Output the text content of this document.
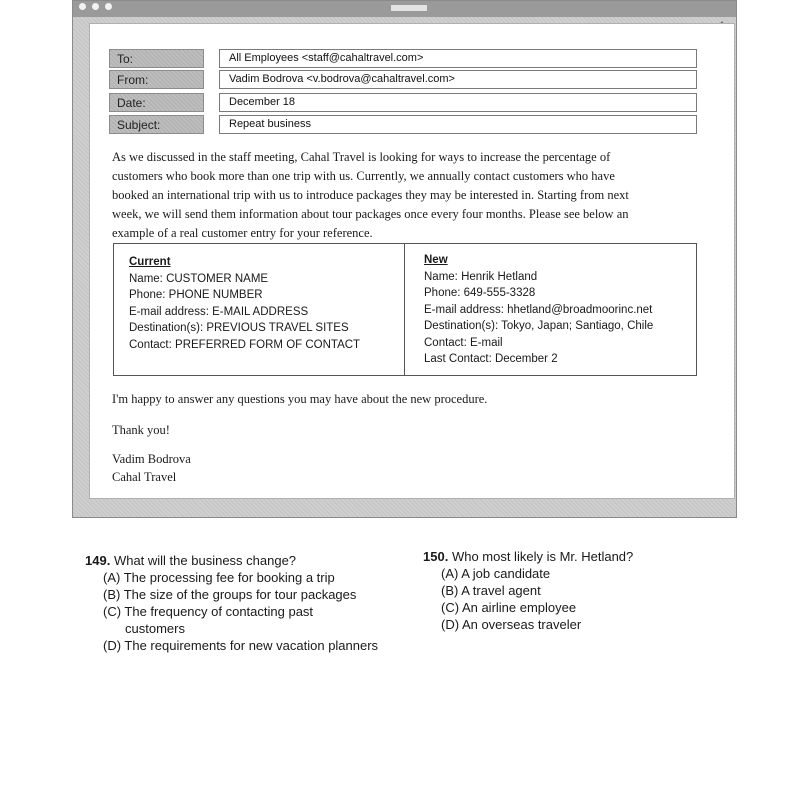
To:	All Employees <staff@cahaltravel.com>
From:	Vadim Bodrova <v.bodrova@cahaltravel.com>
Date:	December 18
Subject:	Repeat business
As we discussed in the staff meeting, Cahal Travel is looking for ways to increase the percentage of
customers who book more than one trip with us. Currently, we annually contact customers who have
booked an international trip with us to introduce packages they may be interested in. Starting from next
week, we will send them information about tour packages once every four months. Please see below an
example of a real customer entry for your reference.
Current
Name: CUSTOMER NAME
Phone: PHONE NUMBER
E-mail address: E-MAIL ADDRESS
Destination(s): PREVIOUS TRAVEL SITES
Contact: PREFERRED FORM OF CONTACT
New
Name: Henrik Hetland
Phone: 649-555-3328
E-mail address: hhetland@broadmoorinc.net
Destination(s): Tokyo, Japan; Santiago, Chile
Contact: E-mail
Last Contact: December 2
I'm happy to answer any questions you may have about the new procedure.
Thank you!
Vadim Bodrova
Cahal Travel
149. What will the business change?
(A) The processing fee for booking a trip
(B) The size of the groups for tour packages
(C) The frequency of contacting past
customers
(D) The requirements for new vacation planners
150. Who most likely is Mr. Hetland?
(A) A job candidate
(B) A travel agent
(C) An airline employee
(D) An overseas traveler
